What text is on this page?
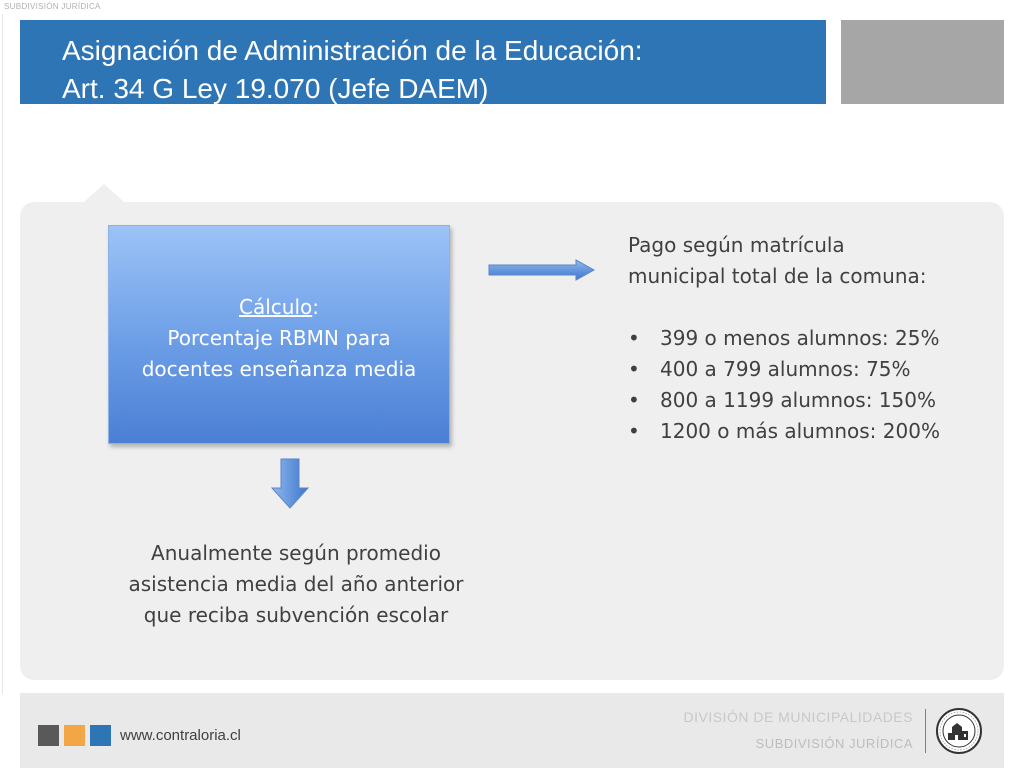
SUBDIVISIÓN JURÍDICA
Asignación de Administración de la Educación:
Art. 34 G Ley 19.070 (Jefe DAEM)
Cálculo:
Porcentaje RBMN para
docentes enseñanza media
Pago según matrícula
municipal total de la comuna:
• 399 o menos alumnos: 25%
• 400 a 799 alumnos: 75%
• 800 a 1199 alumnos: 150%
• 1200 o más alumnos: 200%
Anualmente según promedio
asistencia media del año anterior
que reciba subvención escolar
www.contraloria.cl
DIVISIÓN DE MUNICIPALIDADES
SUBDIVISIÓN JURÍDICA
